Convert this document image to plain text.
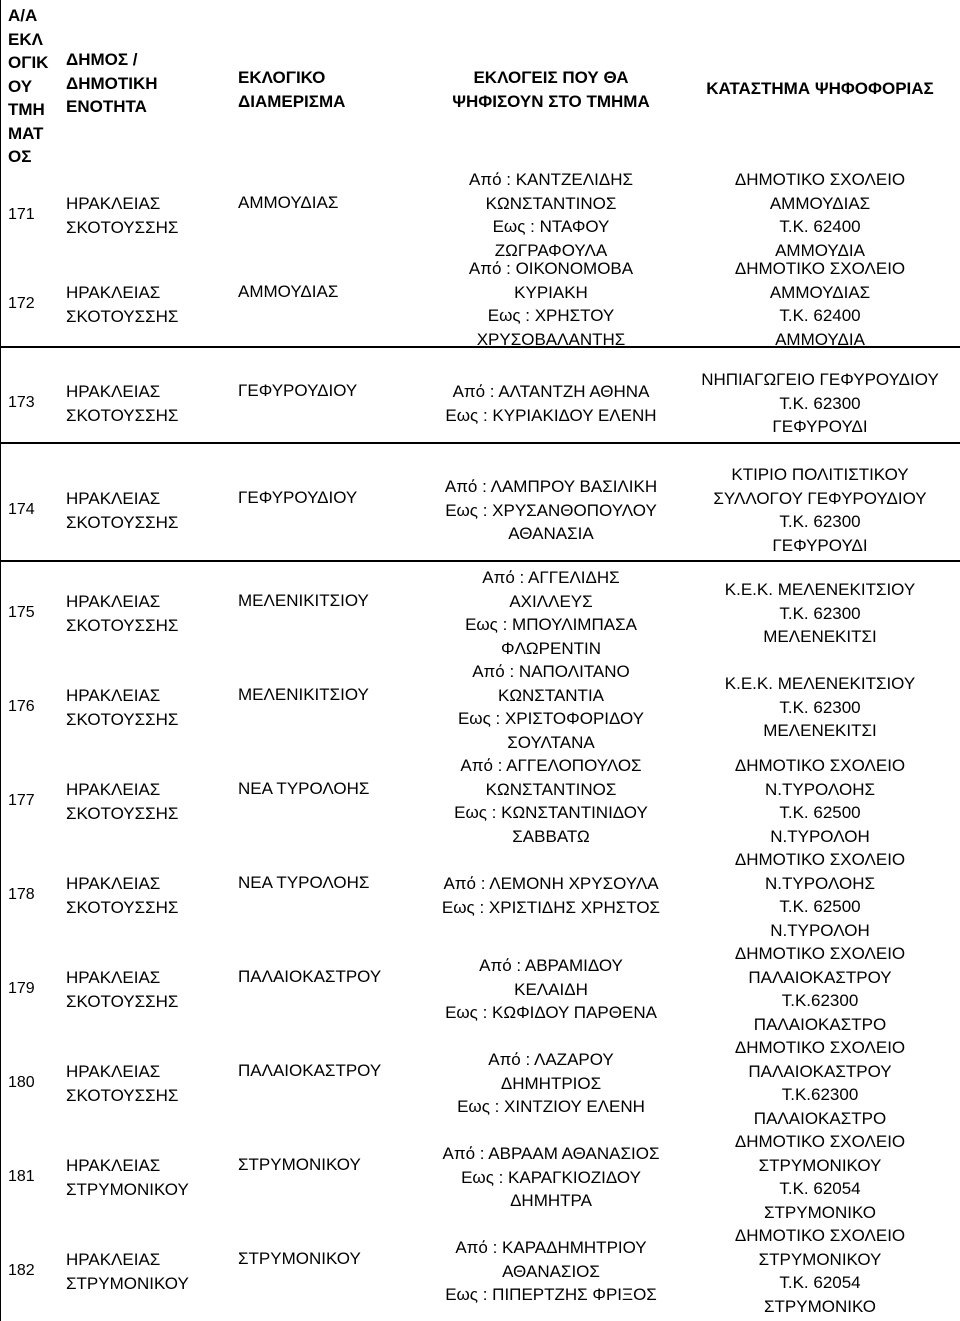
Α/Α
ΕΚΛ
ΟΓΙΚ
ΟΥ
ΤΜΗ
ΜΑΤ
ΟΣ
ΔΗΜΟΣ /
ΔΗΜΟΤΙΚΗ
ΕΝΟΤΗΤΑ
ΕΚΛΟΓΙΚΟ
ΔΙΑΜΕΡΙΣΜΑ
ΕΚΛΟΓΕΙΣ ΠΟΥ ΘΑ
ΨΗΦΙΣΟΥΝ ΣΤΟ ΤΜΗΜΑ
ΚΑΤΑΣΤΗΜΑ ΨΗΦΟΦΟΡΙΑΣ
171
ΗΡΑΚΛΕΙΑΣ
ΣΚΟΤΟΥΣΣΗΣ
ΑΜΜΟΥΔΙΑΣ
Από : ΚΑΝΤΖΕΛΙΔΗΣ
ΚΩΝΣΤΑΝΤΙΝΟΣ
Εως : ΝΤΑΦΟΥ
ΖΩΓΡΑΦΟΥΛΑ
ΔΗΜΟΤΙΚΟ ΣΧΟΛΕΙΟ
ΑΜΜΟΥΔΙΑΣ
Τ.Κ. 62400
ΑΜΜΟΥΔΙΑ
172
ΗΡΑΚΛΕΙΑΣ
ΣΚΟΤΟΥΣΣΗΣ
ΑΜΜΟΥΔΙΑΣ
Από : ΟΙΚΟΝΟΜΟΒΑ
ΚΥΡΙΑΚΗ
Εως : ΧΡΗΣΤΟΥ
ΧΡΥΣΟΒΑΛΑΝΤΗΣ
ΔΗΜΟΤΙΚΟ ΣΧΟΛΕΙΟ
ΑΜΜΟΥΔΙΑΣ
Τ.Κ. 62400
ΑΜΜΟΥΔΙΑ
173
ΗΡΑΚΛΕΙΑΣ
ΣΚΟΤΟΥΣΣΗΣ
ΓΕΦΥΡΟΥΔΙΟΥ	Από : ΑΛΤΑΝΤΖΗ ΑΘΗΝΑ
Εως : ΚΥΡΙΑΚΙΔΟΥ ΕΛΕΝΗ
ΝΗΠΙΑΓΩΓΕΙΟ ΓΕΦΥΡΟΥΔΙΟΥ
Τ.Κ. 62300
ΓΕΦΥΡΟΥΔΙ
174
ΗΡΑΚΛΕΙΑΣ
ΣΚΟΤΟΥΣΣΗΣ
ΓΕΦΥΡΟΥΔΙΟΥ
Από : ΛΑΜΠΡΟΥ ΒΑΣΙΛΙΚΗ
Εως : ΧΡΥΣΑΝΘΟΠΟΥΛΟΥ
ΑΘΑΝΑΣΙΑ
ΚΤΙΡΙΟ ΠΟΛΙΤΙΣΤΙΚΟΥ
ΣΥΛΛΟΓΟΥ ΓΕΦΥΡΟΥΔΙΟΥ
Τ.Κ. 62300
ΓΕΦΥΡΟΥΔΙ
175
ΗΡΑΚΛΕΙΑΣ
ΣΚΟΤΟΥΣΣΗΣ
ΜΕΛΕΝΙΚΙΤΣΙΟΥ
Από : ΑΓΓΕΛΙΔΗΣ
ΑΧΙΛΛΕΥΣ
Εως : ΜΠΟΥΛΙΜΠΑΣΑ
ΦΛΩΡΕΝΤΙΝ
Κ.Ε.Κ. ΜΕΛΕΝΕΚΙΤΣΙΟΥ
Τ.Κ. 62300
ΜΕΛΕΝΕΚΙΤΣΙ
176
ΗΡΑΚΛΕΙΑΣ
ΣΚΟΤΟΥΣΣΗΣ
ΜΕΛΕΝΙΚΙΤΣΙΟΥ
Από : ΝΑΠΟΛΙΤΑΝΟ
ΚΩΝΣΤΑΝΤΙΑ
Εως : ΧΡΙΣΤΟΦΟΡΙΔΟΥ
ΣΟΥΛΤΑΝΑ
Κ.Ε.Κ. ΜΕΛΕΝΕΚΙΤΣΙΟΥ
Τ.Κ. 62300
ΜΕΛΕΝΕΚΙΤΣΙ
177
ΗΡΑΚΛΕΙΑΣ
ΣΚΟΤΟΥΣΣΗΣ
ΝΕΑ ΤΥΡΟΛΟΗΣ
Από : ΑΓΓΕΛΟΠΟΥΛΟΣ
ΚΩΝΣΤΑΝΤΙΝΟΣ
Εως : ΚΩΝΣΤΑΝΤΙΝΙΔΟΥ
ΣΑΒΒΑΤΩ
ΔΗΜΟΤΙΚΟ ΣΧΟΛΕΙΟ
Ν.ΤΥΡΟΛΟΗΣ
Τ.Κ. 62500
Ν.ΤΥΡΟΛΟΗ
178
ΗΡΑΚΛΕΙΑΣ
ΣΚΟΤΟΥΣΣΗΣ
ΝΕΑ ΤΥΡΟΛΟΗΣ	Από : ΛΕΜΟΝΗ ΧΡΥΣΟΥΛΑ
Εως : ΧΡΙΣΤΙΔΗΣ ΧΡΗΣΤΟΣ
ΔΗΜΟΤΙΚΟ ΣΧΟΛΕΙΟ
Ν.ΤΥΡΟΛΟΗΣ
Τ.Κ. 62500
Ν.ΤΥΡΟΛΟΗ
179
ΗΡΑΚΛΕΙΑΣ
ΣΚΟΤΟΥΣΣΗΣ
ΠΑΛΑΙΟΚΑΣΤΡΟΥ
Από : ΑΒΡΑΜΙΔΟΥ
ΚΕΛΑΙΔΗ
Εως : ΚΩΦΙΔΟΥ ΠΑΡΘΕΝΑ
ΔΗΜΟΤΙΚΟ ΣΧΟΛΕΙΟ
ΠΑΛΑΙΟΚΑΣΤΡΟΥ
Τ.Κ.62300
ΠΑΛΑΙΟΚΑΣΤΡΟ
180
ΗΡΑΚΛΕΙΑΣ
ΣΚΟΤΟΥΣΣΗΣ
ΠΑΛΑΙΟΚΑΣΤΡΟΥ
Από : ΛΑΖΑΡΟΥ
ΔΗΜΗΤΡΙΟΣ
Εως : ΧΙΝΤΖΙΟΥ ΕΛΕΝΗ
ΔΗΜΟΤΙΚΟ ΣΧΟΛΕΙΟ
ΠΑΛΑΙΟΚΑΣΤΡΟΥ
Τ.Κ.62300
ΠΑΛΑΙΟΚΑΣΤΡΟ
181
ΗΡΑΚΛΕΙΑΣ
ΣΤΡΥΜΟΝΙΚΟΥ
ΣΤΡΥΜΟΝΙΚΟΥ
Από : ΑΒΡΑΑΜ ΑΘΑΝΑΣΙΟΣ
Εως : ΚΑΡΑΓΚΙΟΖΙΔΟΥ
ΔΗΜΗΤΡΑ
ΔΗΜΟΤΙΚΟ ΣΧΟΛΕΙΟ
ΣΤΡΥΜΟΝΙΚΟΥ
Τ.Κ. 62054
ΣΤΡΥΜΟΝΙΚΟ
182
ΗΡΑΚΛΕΙΑΣ
ΣΤΡΥΜΟΝΙΚΟΥ
ΣΤΡΥΜΟΝΙΚΟΥ
Από : ΚΑΡΑΔΗΜΗΤΡΙΟΥ
ΑΘΑΝΑΣΙΟΣ
Εως : ΠΙΠΕΡΤΖΗΣ ΦΡΙΞΟΣ
ΔΗΜΟΤΙΚΟ ΣΧΟΛΕΙΟ
ΣΤΡΥΜΟΝΙΚΟΥ
Τ.Κ. 62054
ΣΤΡΥΜΟΝΙΚΟ
